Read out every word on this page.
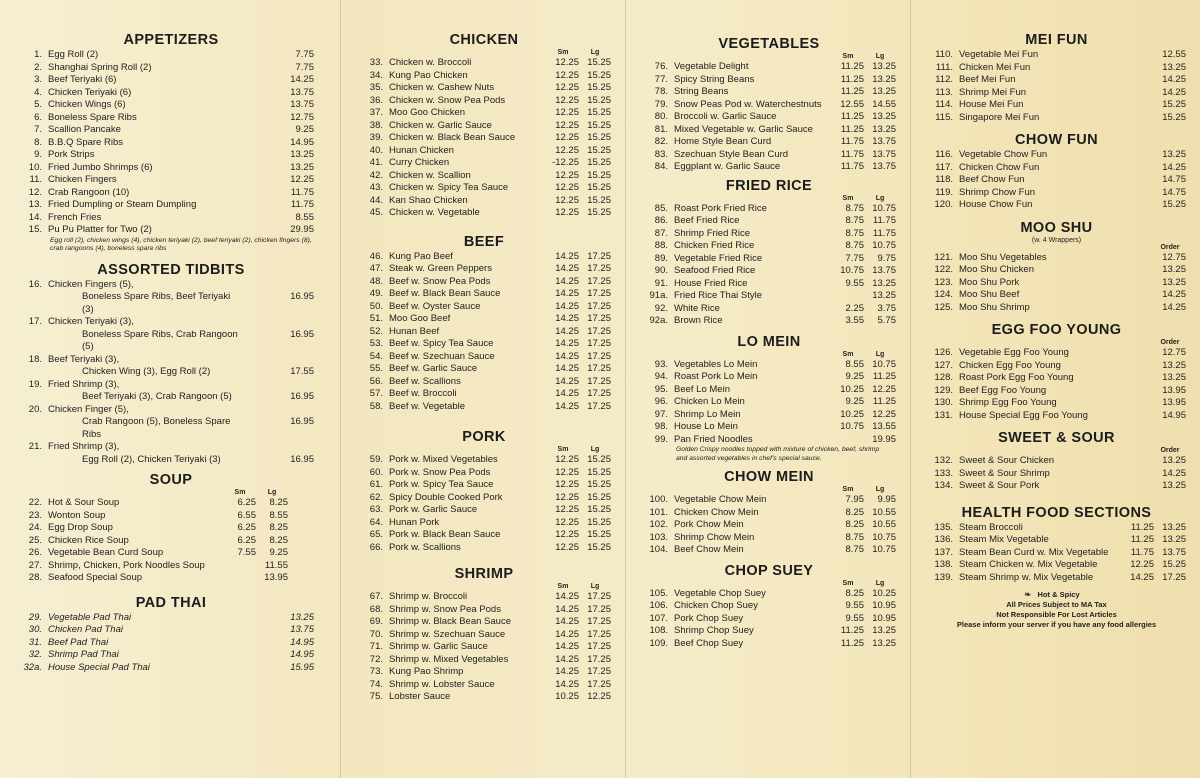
APPETIZERS
1. Egg Roll (2)	7.75
2. Shanghai Spring Roll (2)	7.75
3. Beef Teriyaki (6)	14.25
4. Chicken Teriyaki (6)	13.75
5. Chicken Wings (6)	13.75
6. Boneless Spare Ribs	12.75
7. Scallion Pancake	9.25
8. B.B.Q Spare Ribs	14.95
9. Pork Strips	13.25
10. Fried Jumbo Shrimps (6)	13.25
11. Chicken Fingers	12.25
12. Crab Rangoon (10)	11.75
13. Fried Dumpling or Steam Dumpling	11.75
14. French Fries	8.55
15. Pu Pu Platter for Two (2)	29.95
Egg roll (2), chicken wings (4), chicken teriyaki (2), beef teriyaki (2), chicken fingers (8), crab rangoons (4), boneless spare ribs
ASSORTED TIDBITS
16. Chicken Fingers (5),
Boneless Spare Ribs, Beef Teriyaki (3)
16.95
17. Chicken Teriyaki (3),
Boneless Spare Ribs, Crab Rangoon (5)
16.95
18. Beef Teriyaki (3),
Chicken Wing (3), Egg Roll (2)	17.55
19. Fried Shrimp (3),
Beef Teriyaki (3), Crab Rangoon (5)	16.95
20. Chicken Finger (5),
Crab Rangoon (5), Boneless Spare Ribs
16.95
21. Fried Shrimp (3),
Egg Roll (2), Chicken Teriyaki (3)	16.95
SOUP
Sm	Lg
22. Hot & Sour Soup	6.25	8.25
23. Wonton Soup	6.55	8.55
24. Egg Drop Soup	6.25	8.25
25. Chicken Rice Soup	6.25	8.25
26. Vegetable Bean Curd Soup	7.55	9.25
27. Shrimp, Chicken, Pork Noodles Soup	11.55
28. Seafood Special Soup	13.95
PAD THAI
29. Vegetable Pad Thai	13.25
30. Chicken Pad Thai	13.75
31. Beef Pad Thai	14.95
32. Shrimp Pad Thai	14.95
32a. House Special Pad Thai	15.95
CHICKEN
Sm	Lg
33. Chicken w. Broccoli	12.25 15.25
34. Kung Pao Chicken	12.25 15.25
35. Chicken w. Cashew Nuts	12.25 15.25
36. Chicken w. Snow Pea Pods	12.25 15.25
37. Moo Goo Chicken	12.25 15.25
38. Chicken w. Garlic Sauce	12.25 15.25
39. Chicken w. Black Bean Sauce	12.25 15.25
40. Hunan Chicken	12.25 15.25
41. Curry Chicken	-12.25 15.25
42. Chicken w. Scallion	12.25 15.25
43. Chicken w. Spicy Tea Sauce	12.25 15.25
44. Kan Shao Chicken	12.25 15.25
45. Chicken w. Vegetable	12.25 15.25
BEEF
46. Kung Pao Beef	14.25 17.25
47. Steak w. Green Peppers	14.25 17.25
48. Beef w. Snow Pea Pods	14.25 17.25
49. Beef w. Black Bean Sauce	14.25 17.25
50. Beef w. Oyster Sauce	14.25 17.25
51. Moo Goo Beef	14.25 17.25
52. Hunan Beef	14.25 17.25
53. Beef w. Spicy Tea Sauce	14.25 17.25
54. Beef w. Szechuan Sauce	14.25 17.25
55. Beef w. Garlic Sauce	14.25 17.25
56. Beef w. Scallions	14.25 17.25
57. Beef w. Broccoli	14.25 17.25
58. Beef w. Vegetable	14.25 17.25
PORK
Sm	Lg
59. Pork w. Mixed Vegetables	12.25 15.25
60. Pork w. Snow Pea Pods	12.25 15.25
61. Pork w. Spicy Tea Sauce	12.25 15.25
62. Spicy Double Cooked Pork	12.25 15.25
63. Pork w. Garlic Sauce	12.25 15.25
64. Hunan Pork	12.25 15.25
65. Pork w. Black Bean Sauce	12.25 15.25
66. Pork w. Scallions	12.25 15.25
SHRIMP
Sm	Lg
67. Shrimp w. Broccoli	14.25 17.25
68. Shrimp w. Snow Pea Pods	14.25 17.25
69. Shrimp w. Black Bean Sauce	14.25 17.25
70. Shrimp w. Szechuan Sauce	14.25 17.25
71. Shrimp w. Garlic Sauce	14.25 17.25
72. Shrimp w. Mixed Vegetables	14.25 17.25
73. Kung Pao Shrimp	14.25 17.25
74. Shrimp w. Lobster Sauce	14.25 17.25
75. Lobster Sauce	10.25 12.25
VEGETABLES
Sm	Lg
76. Vegetable Delight	11.25 13.25
77. Spicy String Beans	11.25 13.25
78. String Beans	11.25 13.25
79. Snow Peas Pod w. Waterchestnuts	12.55 14.55
80. Broccoli w. Garlic Sauce	11.25 13.25
81. Mixed Vegetable w. Garlic Sauce	11.25 13.25
82. Home Style Bean Curd	11.75 13.75
83. Szechuan Style Bean Curd	11.75 13.75
84. Eggplant w. Garlic Sauce	11.75 13.75
FRIED RICE
Sm	Lg
85. Roast Pork Fried Rice	8.75 10.75
86. Beef Fried Rice	8.75 11.75
87. Shrimp Fried Rice	8.75 11.75
88. Chicken Fried Rice	8.75 10.75
89. Vegetable Fried Rice	7.75	9.75
90. Seafood Fried Rice	10.75 13.75
91. House Fried Rice	9.55 13.25
91a. Fried Rice Thai Style	13.25
92. White Rice	2.25	3.75
92a. Brown Rice	3.55	5.75
LO MEIN
Sm	Lg
93. Vegetables Lo Mein	8.55 10.75
94. Roast Pork Lo Mein	9.25 11.25
95. Beef Lo Mein	10.25 12.25
96. Chicken Lo Mein	9.25 11.25
97. Shrimp Lo Mein	10.25 12.25
98. House Lo Mein	10.75 13.55
99. Pan Fried Noodles	19.95
Golden Crispy noodles topped with mixture of chicken, beef, shrimp and assorted vegetables in chef's special sauce.
CHOW MEIN
Sm	Lg
100. Vegetable Chow Mein	7.95	9.95
101. Chicken Chow Mein	8.25 10.55
102. Pork Chow Mein	8.25 10.55
103. Shrimp Chow Mein	8.75 10.75
104. Beef Chow Mein	8.75 10.75
CHOP SUEY
Sm	Lg
105. Vegetable Chop Suey	8.25 10.25
106. Chicken Chop Suey	9.55 10.95
107. Pork Chop Suey	9.55 10.95
108. Shrimp Chop Suey	11.25 13.25
109. Beef Chop Suey	11.25 13.25
MEI FUN
110. Vegetable Mei Fun	12.55
111. Chicken Mei Fun	13.25
112. Beef Mei Fun	14.25
113. Shrimp Mei Fun	14.25
114. House Mei Fun	15.25
115. Singapore Mei Fun	15.25
CHOW FUN
116. Vegetable Chow Fun	13.25
117. Chicken Chow Fun	14.25
118. Beef Chow Fun	14.75
119. Shrimp Chow Fun	14.75
120. House Chow Fun	15.25
MOO SHU
(w. 4 Wrappers)
Order
121. Moo Shu Vegetables	12.75
122. Moo Shu Chicken	13.25
123. Moo Shu Pork	13.25
124. Moo Shu Beef	14.25
125. Moo Shu Shrimp	14.25
EGG FOO YOUNG
Order
126. Vegetable Egg Foo Young	12.75
127. Chicken Egg Foo Young	13.25
128. Roast Pork Egg Foo Young	13.25
129. Beef Egg Foo Young	13.95
130. Shrimp Egg Foo Young	13.95
131. House Special Egg Foo Young	14.95
SWEET & SOUR
Order
132. Sweet & Sour Chicken	13.25
133. Sweet & Sour Shrimp	14.25
134. Sweet & Sour Pork	13.25
HEALTH FOOD SECTIONS
135. Steam Broccoli	11.25 13.25
136. Steam Mix Vegetable	11.25 13.25
137. Steam Bean Curd w. Mix Vegetable	11.75 13.75
138. Steam Chicken w. Mix Vegetable	12.25 15.25
139. Steam Shrimp w. Mix Vegetable	14.25 17.25
Hot & Spicy
All Prices Subject to MA Tax
Not Responsible For Lost Articles
Please inform your server if you have any food allergies
